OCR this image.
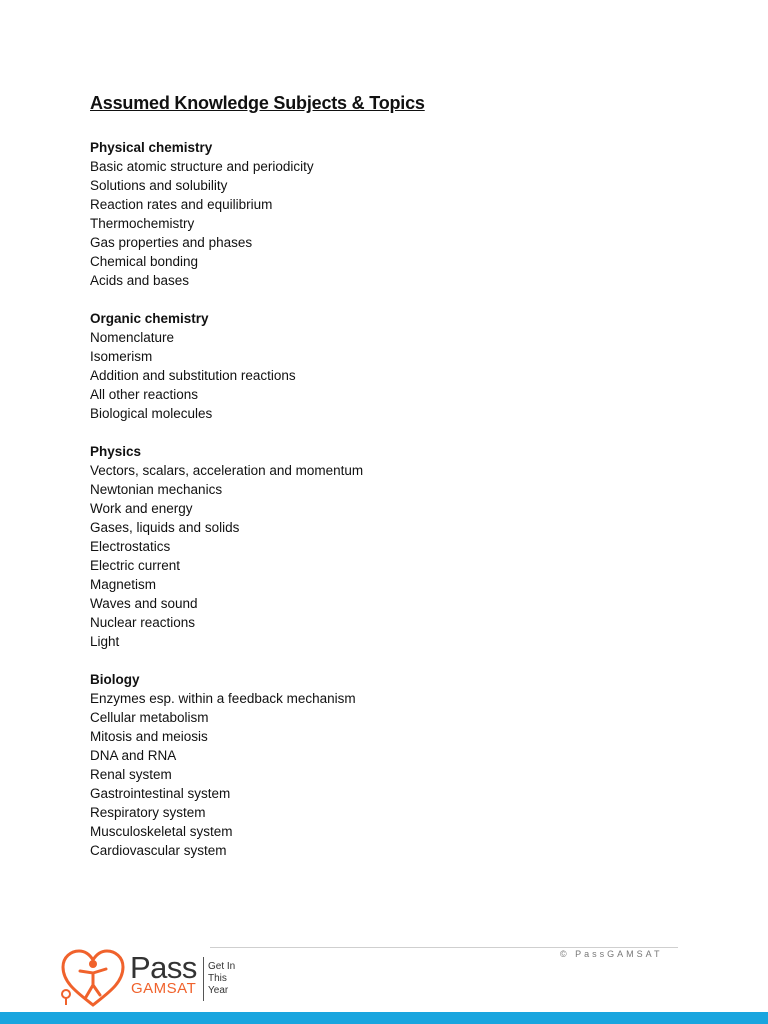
Assumed Knowledge Subjects & Topics
Physical chemistry
Basic atomic structure and periodicity
Solutions and solubility
Reaction rates and equilibrium
Thermochemistry
Gas properties and phases
Chemical bonding
Acids and bases
Organic chemistry
Nomenclature
Isomerism
Addition and substitution reactions
All other reactions
Biological molecules
Physics
Vectors, scalars, acceleration and momentum
Newtonian mechanics
Work and energy
Gases, liquids and solids
Electrostatics
Electric current
Magnetism
Waves and sound
Nuclear reactions
Light
Biology
Enzymes esp. within a feedback mechanism
Cellular metabolism
Mitosis and meiosis
DNA and RNA
Renal system
Gastrointestinal system
Respiratory system
Musculoskeletal system
Cardiovascular system
© PassGAMSAT
Pass
GAMSAT
Get In
This
Year
